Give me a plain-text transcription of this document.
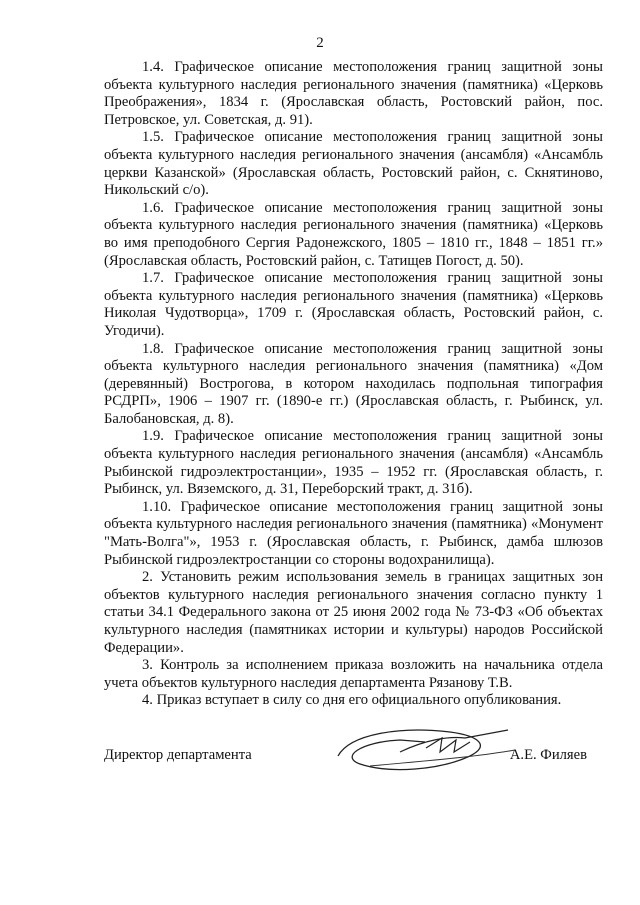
2

1.4. Графическое описание местоположения границ защитной зоны объекта культурного наследия регионального значения (памятника) «Церковь Преображения», 1834 г. (Ярославская область, Ростовский район, пос. Петровское, ул. Советская, д. 91).

1.5. Графическое описание местоположения границ защитной зоны объекта культурного наследия регионального значения (ансамбля) «Ансамбль церкви Казанской» (Ярославская область, Ростовский район, с. Скнятиново, Никольский с/о).

1.6. Графическое описание местоположения границ защитной зоны объекта культурного наследия регионального значения (памятника) «Церковь во имя преподобного Сергия Радонежского, 1805 – 1810 гг., 1848 – 1851 гг.» (Ярославская область, Ростовский район, с. Татищев Погост, д. 50).

1.7. Графическое описание местоположения границ защитной зоны объекта культурного наследия регионального значения (памятника) «Церковь Николая Чудотворца», 1709 г. (Ярославская область, Ростовский район, с. Угодичи).

1.8. Графическое описание местоположения границ защитной зоны объекта культурного наследия регионального значения (памятника) «Дом (деревянный) Вострогова, в котором находилась подпольная типография РСДРП», 1906 – 1907 гг. (1890-е гг.) (Ярославская область, г. Рыбинск, ул. Балобановская, д. 8).

1.9. Графическое описание местоположения границ защитной зоны объекта культурного наследия регионального значения (ансамбля) «Ансамбль Рыбинской гидроэлектростанции», 1935 – 1952 гг. (Ярославская область, г. Рыбинск, ул. Вяземского, д. 31, Переборский тракт, д. 31б).

1.10. Графическое описание местоположения границ защитной зоны объекта культурного наследия регионального значения (памятника) «Монумент "Мать-Волга"», 1953 г. (Ярославская область, г. Рыбинск, дамба шлюзов Рыбинской гидроэлектростанции со стороны водохранилища).

2. Установить режим использования земель в границах защитных зон объектов культурного наследия регионального значения согласно пункту 1 статьи 34.1 Федерального закона от 25 июня 2002 года № 73-ФЗ «Об объектах культурного наследия (памятниках истории и культуры) народов Российской Федерации».

3. Контроль за исполнением приказа возложить на начальника отдела учета объектов культурного наследия департамента Рязанову Т.В.

4. Приказ вступает в силу со дня его официального опубликования.

Директор департамента	А.Е. Филяев
